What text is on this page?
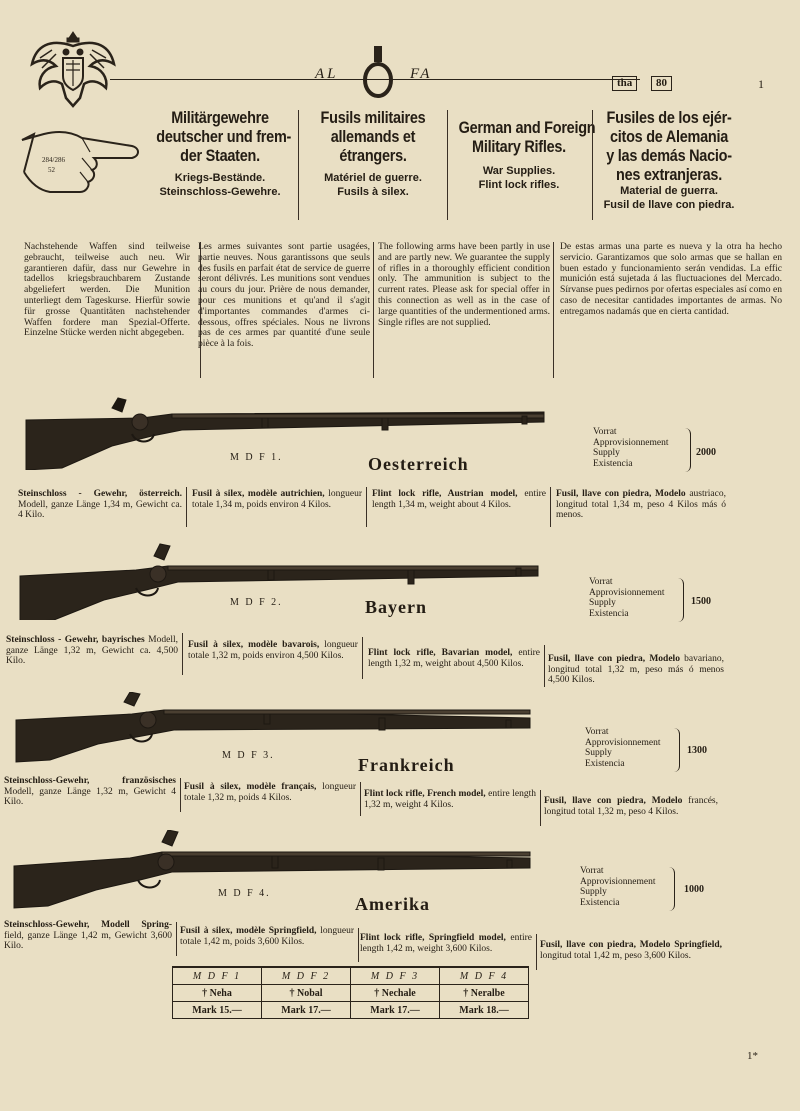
AL	FA
tha	80	1
284/286
52
Militärgewehre
deutscher und frem-
der Staaten.
Kriegs-Bestände.
Steinschloss-Gewehre.
Fusils militaires
allemands et
étrangers.
Matériel de guerre.
Fusils à silex.
German and Foreign
Military Rifles.
War Supplies.
Flint lock rifles.
Fusiles de los ejér-
citos de Alemania
y las demás Nacio-
nes extranjeras.
Material de guerra.
Fusil de llave con piedra.
Nachstehende Waffen sind teilweise gebraucht, teilweise auch neu. Wir garantieren dafür, dass nur Gewehre in tadellos kriegsbrauchbarem Zustande abgeliefert werden. Die Munition unterliegt dem Tageskurse. Hierfür sowie für grosse Quantitäten nachstehender Waffen fordere man Spezial-Offerte. Einzelne Stücke werden nicht abgegeben.
Les armes suivantes sont partie usagées, partie neuves. Nous garantissons que seuls des fusils en parfait état de service de guerre seront délivrés. Les munitions sont vendues au cours du jour. Prière de nous demander, pour ces munitions et qu'and il s'agit d'importantes commandes d'armes ci-dessous, offres spéciales. Nous ne livrons pas de ces armes par quantité d'une seule pièce à la fois.
The following arms have been partly in use and are partly new. We guarantee the supply of rifles in a thoroughly efficient condition only. The ammunition is subject to the current rates. Please ask for special offer in this connection as well as in the case of large quantities of the undermentioned arms. Single rifles are not supplied.
De estas armas una parte es nueva y la otra ha hecho servicio. Garantizamos que solo armas que se hallan en buen estado y funcionamiento serán vendidas. La effic munición está sujetada á las fluctuaciones del Mercado. Sírvanse pues pedirnos por ofertas especiales así como en caso de necesitar cantidades importantes de armas. No entregamos nadamás que en cierta cantidad.
M D F 1.	Oesterreich
Vorrat
Approvisionnement
Supply
Existencia
2000
Steinschloss - Gewehr, österreich. Modell, ganze Länge 1,34 m, Gewicht ca. 4 Kilo.
Fusil à silex, modèle autrichien, longueur totale 1,34 m, poids environ 4 Kilos.
Flint lock rifle, Austrian model, entire length 1,34 m, weight about 4 Kilos.
Fusil, llave con piedra, Modelo austriaco, longitud total 1,34 m, peso 4 Kilos más ó menos.
M D F 2.	Bayern
Vorrat
Approvisionnement
Supply
Existencia
1500
Steinschloss - Gewehr, bayrisches Modell, ganze Länge 1,32 m, Gewicht ca. 4,500 Kilo.
Fusil à silex, modèle bavarois, longueur totale 1,32 m, poids environ 4,500 Kilos.	Flint lock rifle, Bavarian model, entire length 1,32 m, weight about 4,500 Kilos.	Fusil, llave con piedra, Modelo bavariano, longitud total 1,32 m, peso más ó menos 4,500 Kilos.
M D F 3.	Frankreich
Vorrat
Approvisionnement
Supply
Existencia
1300
Steinschloss-Gewehr, französisches Modell, ganze Länge 1,32 m, Gewicht 4 Kilo.
Fusil à silex, modèle français, longueur totale 1,32 m, poids 4 Kilos.	Flint lock rifle, French model, entire length 1,32 m, weight 4 Kilos.	Fusil, llave con piedra, Modelo francés, longitud total 1,32 m, peso 4 Kilos.
M D F 4.
Amerika
Vorrat
Approvisionnement
Supply
Existencia
1000
Steinschloss-Gewehr, Modell Spring-field, ganze Länge 1,42 m, Gewicht 3,600 Kilo.
Fusil à silex, modèle Springfield, longueur totale 1,42 m, poids 3,600 Kilos.	Flint lock rifle, Springfield model, entire length 1,42 m, weight 3,600 Kilos.	Fusil, llave con piedra, Modelo Springfield, longitud total 1,42 m, peso 3,600 Kilos.
M D F 1	M D F 2	M D F 3	M D F 4
† Neha	† Nobal	† Nechale	† Neralbe
Mark 15.—	Mark 17.—	Mark 17.—	Mark 18.—
1*
